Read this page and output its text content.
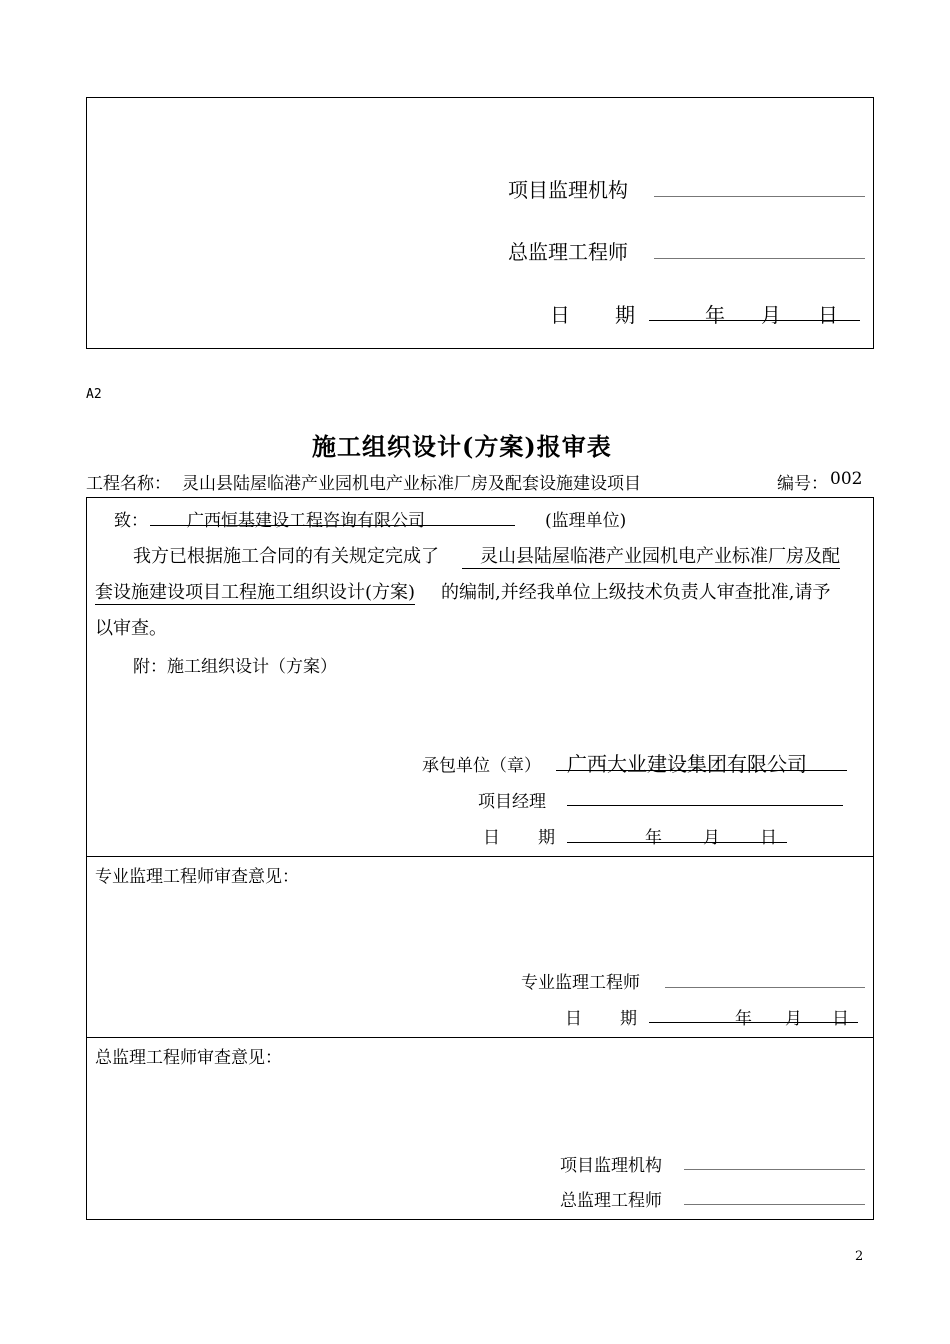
项目监理机构
总监理工程师
日 期	年 月 日
A2
施工组织设计(方案)报审表
工程名称： 灵山县陆屋临港产业园机电产业标准厂房及配套设施建设项目	编号： 002
致： 广西恒基建设工程咨询有限公司	(监理单位)
我方已根据施工合同的有关规定完成了	灵山县陆屋临港产业园机电产业标准厂房及配
套设施建设项目工程施工组织设计(方案) 的编制,并经我单位上级技术负责人审查批准,请予
以审查。
附：施工组织设计（方案）
承包单位（章） 广西大业建设集团有限公司
项目经理
日 期	年 月 日
专业监理工程师审查意见：
专业监理工程师
日 期	年 月 日
总监理工程师审查意见：
项目监理机构
总监理工程师
2
